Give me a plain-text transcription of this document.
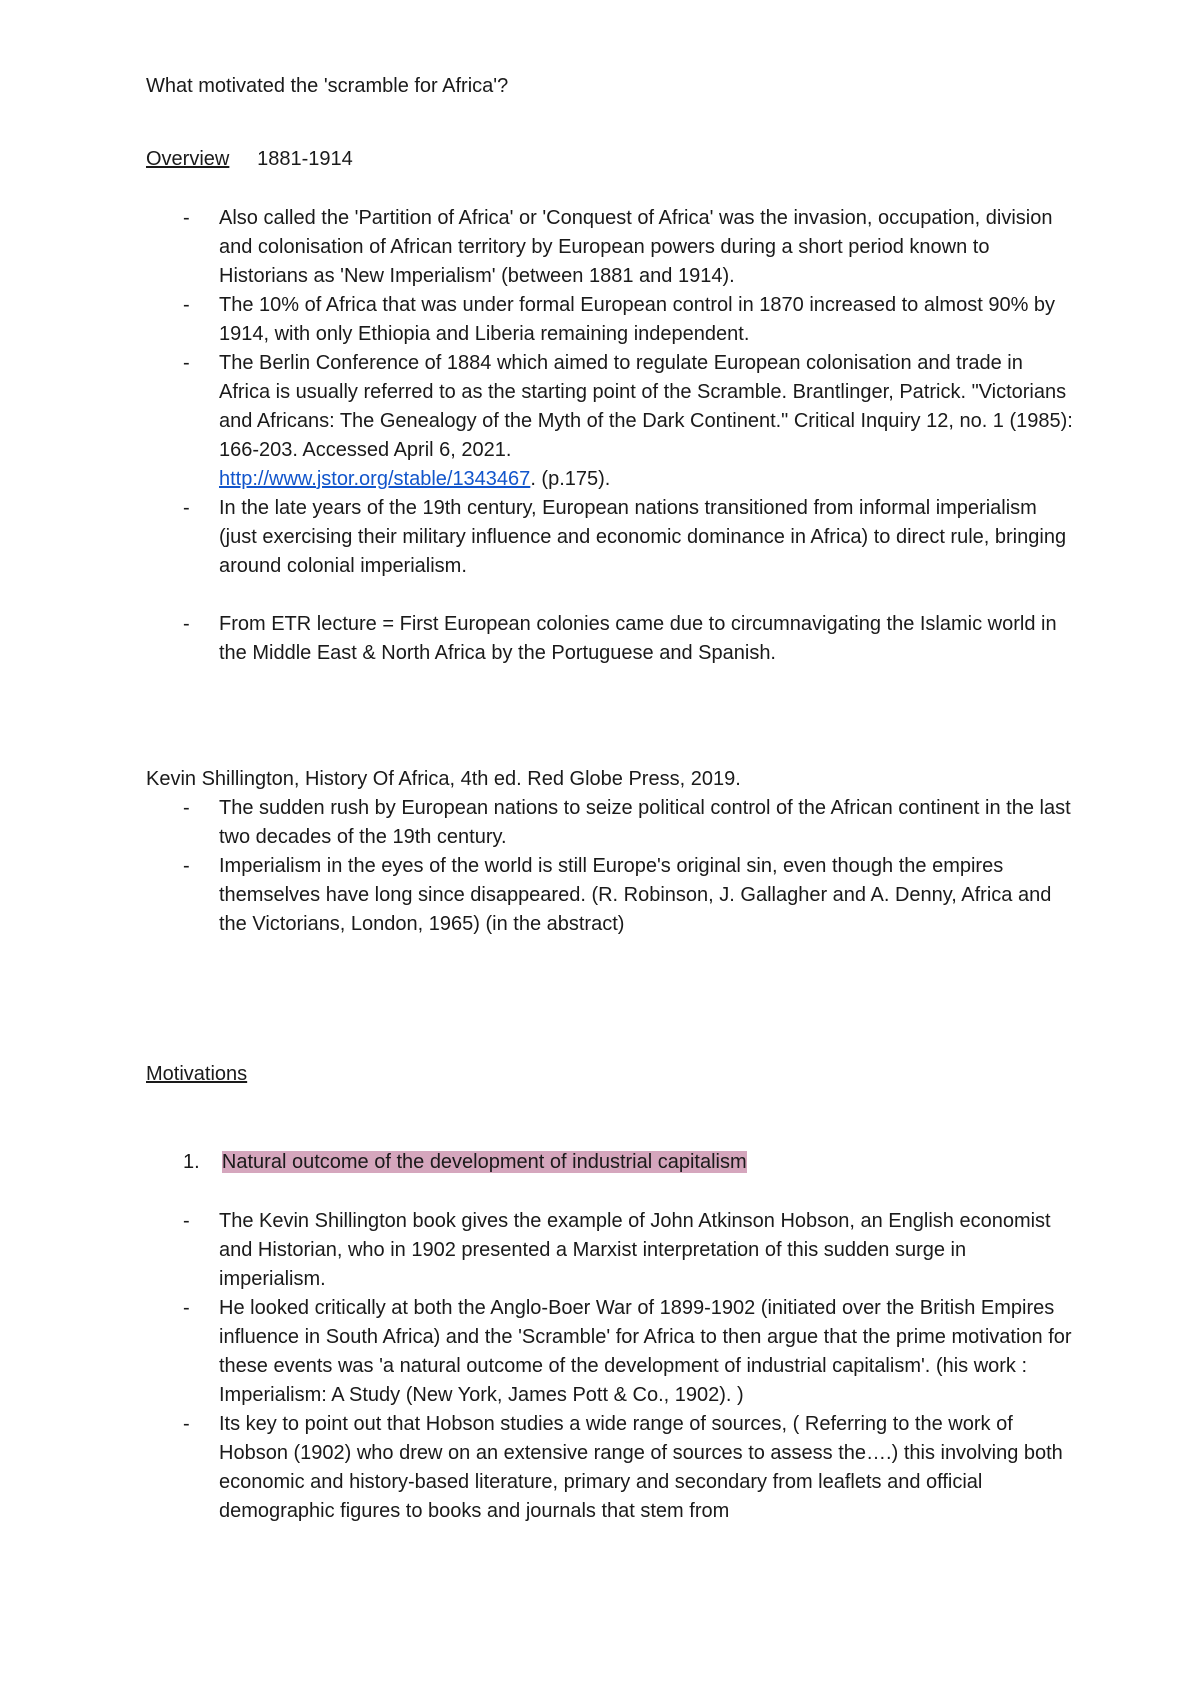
What motivated the 'scramble for Africa'?
Overview 1881-1914
- Also called the 'Partition of Africa' or 'Conquest of Africa' was the invasion, occupation, division and colonisation of African territory by European powers during a short period known to Historians as 'New Imperialism' (between 1881 and 1914).
- The 10% of Africa that was under formal European control in 1870 increased to almost 90% by 1914, with only Ethiopia and Liberia remaining independent.
- The Berlin Conference of 1884 which aimed to regulate European colonisation and trade in Africa is usually referred to as the starting point of the Scramble. Brantlinger, Patrick. "Victorians and Africans: The Genealogy of the Myth of the Dark Continent." Critical Inquiry 12, no. 1 (1985): 166-203. Accessed April 6, 2021.
http://www.jstor.org/stable/1343467. (p.175).
- In the late years of the 19th century, European nations transitioned from informal imperialism (just exercising their military influence and economic dominance in Africa) to direct rule, bringing around colonial imperialism.
- From ETR lecture = First European colonies came due to circumnavigating the Islamic world in the Middle East & North Africa by the Portuguese and Spanish.
Kevin Shillington, History Of Africa, 4th ed. Red Globe Press, 2019.
- The sudden rush by European nations to seize political control of the African continent in the last two decades of the 19th century.
- Imperialism in the eyes of the world is still Europe's original sin, even though the empires themselves have long since disappeared. (R. Robinson, J. Gallagher and A. Denny, Africa and the Victorians, London, 1965) (in the abstract)
Motivations
1. Natural outcome of the development of industrial capitalism
- The Kevin Shillington book gives the example of John Atkinson Hobson, an English economist and Historian, who in 1902 presented a Marxist interpretation of this sudden surge in imperialism.
- He looked critically at both the Anglo-Boer War of 1899-1902 (initiated over the British Empires influence in South Africa) and the 'Scramble' for Africa to then argue that the prime motivation for these events was 'a natural outcome of the development of industrial capitalism'. (his work : Imperialism: A Study (New York, James Pott & Co., 1902). )
- Its key to point out that Hobson studies a wide range of sources, ( Referring to the work of Hobson (1902) who drew on an extensive range of sources to assess the….) this involving both economic and history-based literature, primary and secondary from leaflets and official demographic figures to books and journals that stem from
